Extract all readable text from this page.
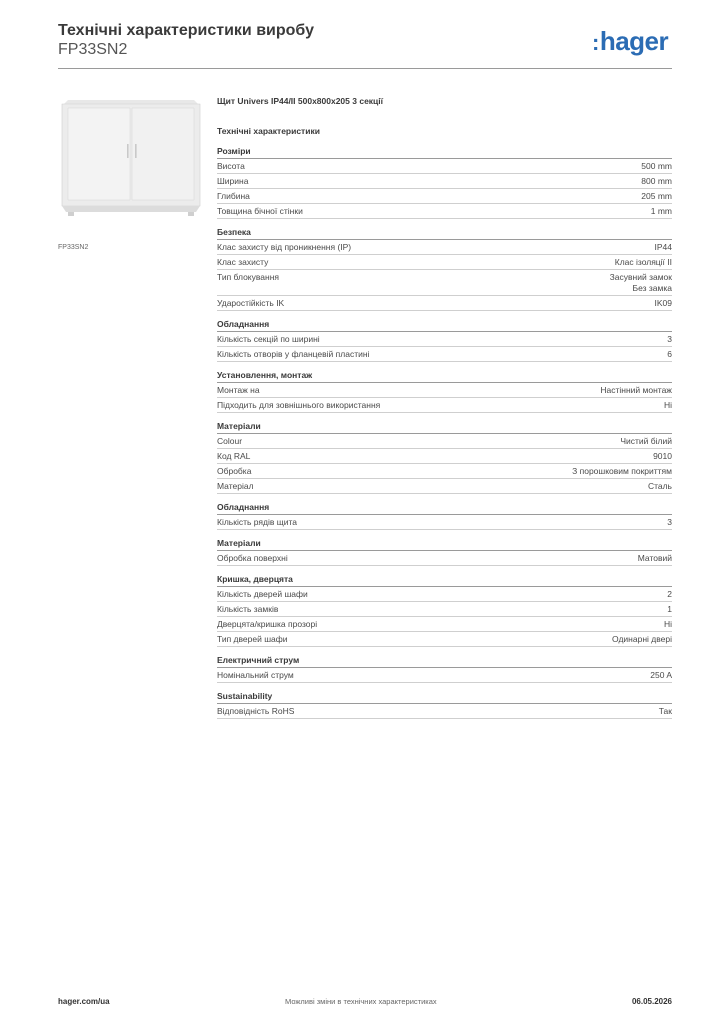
Технічні характеристики виробу
FP33SN2	:hager
FP33SN2
Щит Univers IP44/II 500x800x205 3 секції
Технічні характеристики
Розміри
Висота	500 mm
Ширина	800 mm
Глибина	205 mm
Товщина бічної стінки	1 mm
Безпека
Клас захисту від проникнення (IP)	IP44
Клас захисту	Клас ізоляції II
Тип блокування	Засувний замок
Без замка
Ударостійкість IK	IK09
Обладнання
Кількість секцій по ширині	3
Кількість отворів у фланцевій пластині	6
Установлення, монтаж
Монтаж на	Настінний монтаж
Підходить для зовнішнього використання	Ні
Матеріали
Colour	Чистий білий
Код RAL	9010
Обробка	З порошковим покриттям
Матеріал	Сталь
Обладнання
Кількість рядів щита	3
Матеріали
Обробка поверхні	Матовий
Кришка, дверцята
Кількість дверей шафи	2
Кількість замків	1
Дверцята/кришка прозорі	Ні
Тип дверей шафи	Одинарні двері
Електричний струм
Номінальний струм	250 A
Sustainability
Відповідність RoHS	Так
hager.com/ua	Можливі зміни в технічних характеристиках	06.05.2026
